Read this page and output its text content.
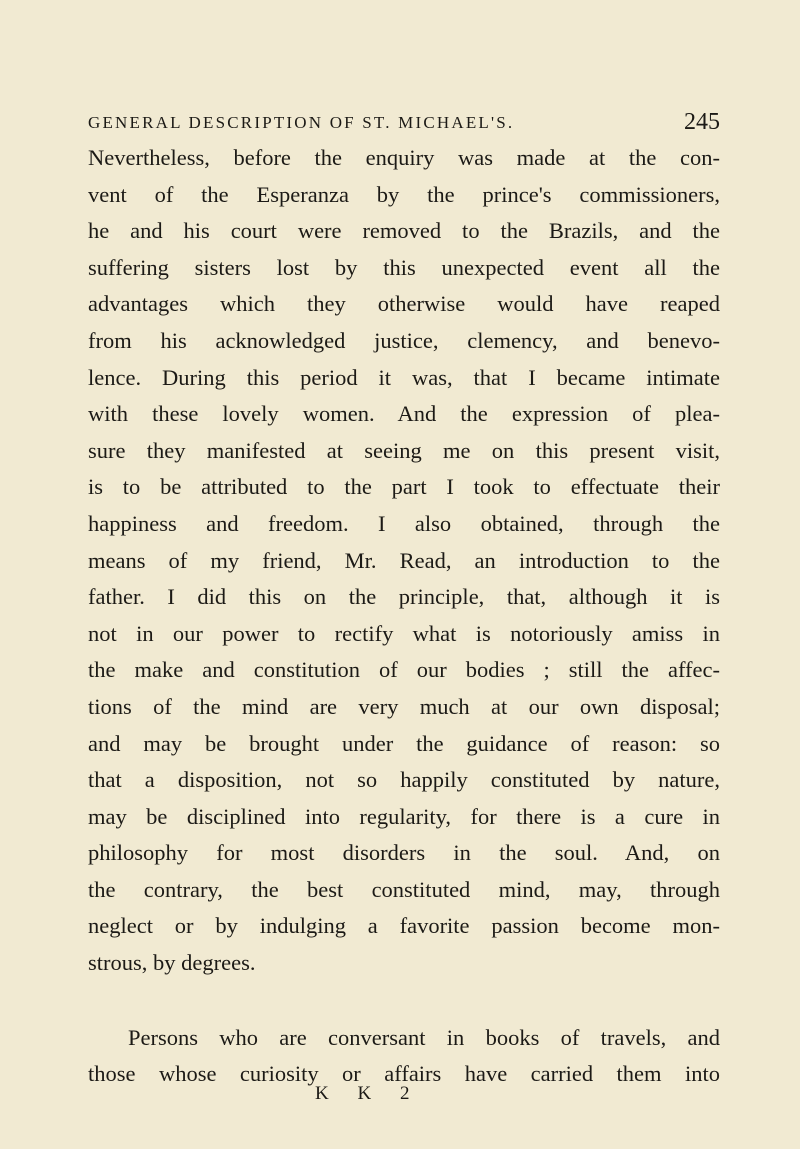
GENERAL DESCRIPTION OF ST. MICHAEL'S.	245
Nevertheless, before the enquiry was made at the con-
vent of the Esperanza by the prince's commissioners,
he and his court were removed to the Brazils, and the
suffering sisters lost by this unexpected event all the
advantages which they otherwise would have reaped
from his acknowledged justice, clemency, and benevo-
lence. During this period it was, that I became intimate
with these lovely women. And the expression of plea-
sure they manifested at seeing me on this present visit,
is to be attributed to the part I took to effectuate their
happiness and freedom. I also obtained, through the
means of my friend, Mr. Read, an introduction to the
father. I did this on the principle, that, although it is
not in our power to rectify what is notoriously amiss in
the make and constitution of our bodies ; still the affec-
tions of the mind are very much at our own disposal;
and may be brought under the guidance of reason: so
that a disposition, not so happily constituted by nature,
may be disciplined into regularity, for there is a cure in
philosophy for most disorders in the soul. And, on
the contrary, the best constituted mind, may, through
neglect or by indulging a favorite passion become mon-
strous, by degrees.
Persons who are conversant in books of travels, and
those whose curiosity or affairs have carried them into
K K 2
